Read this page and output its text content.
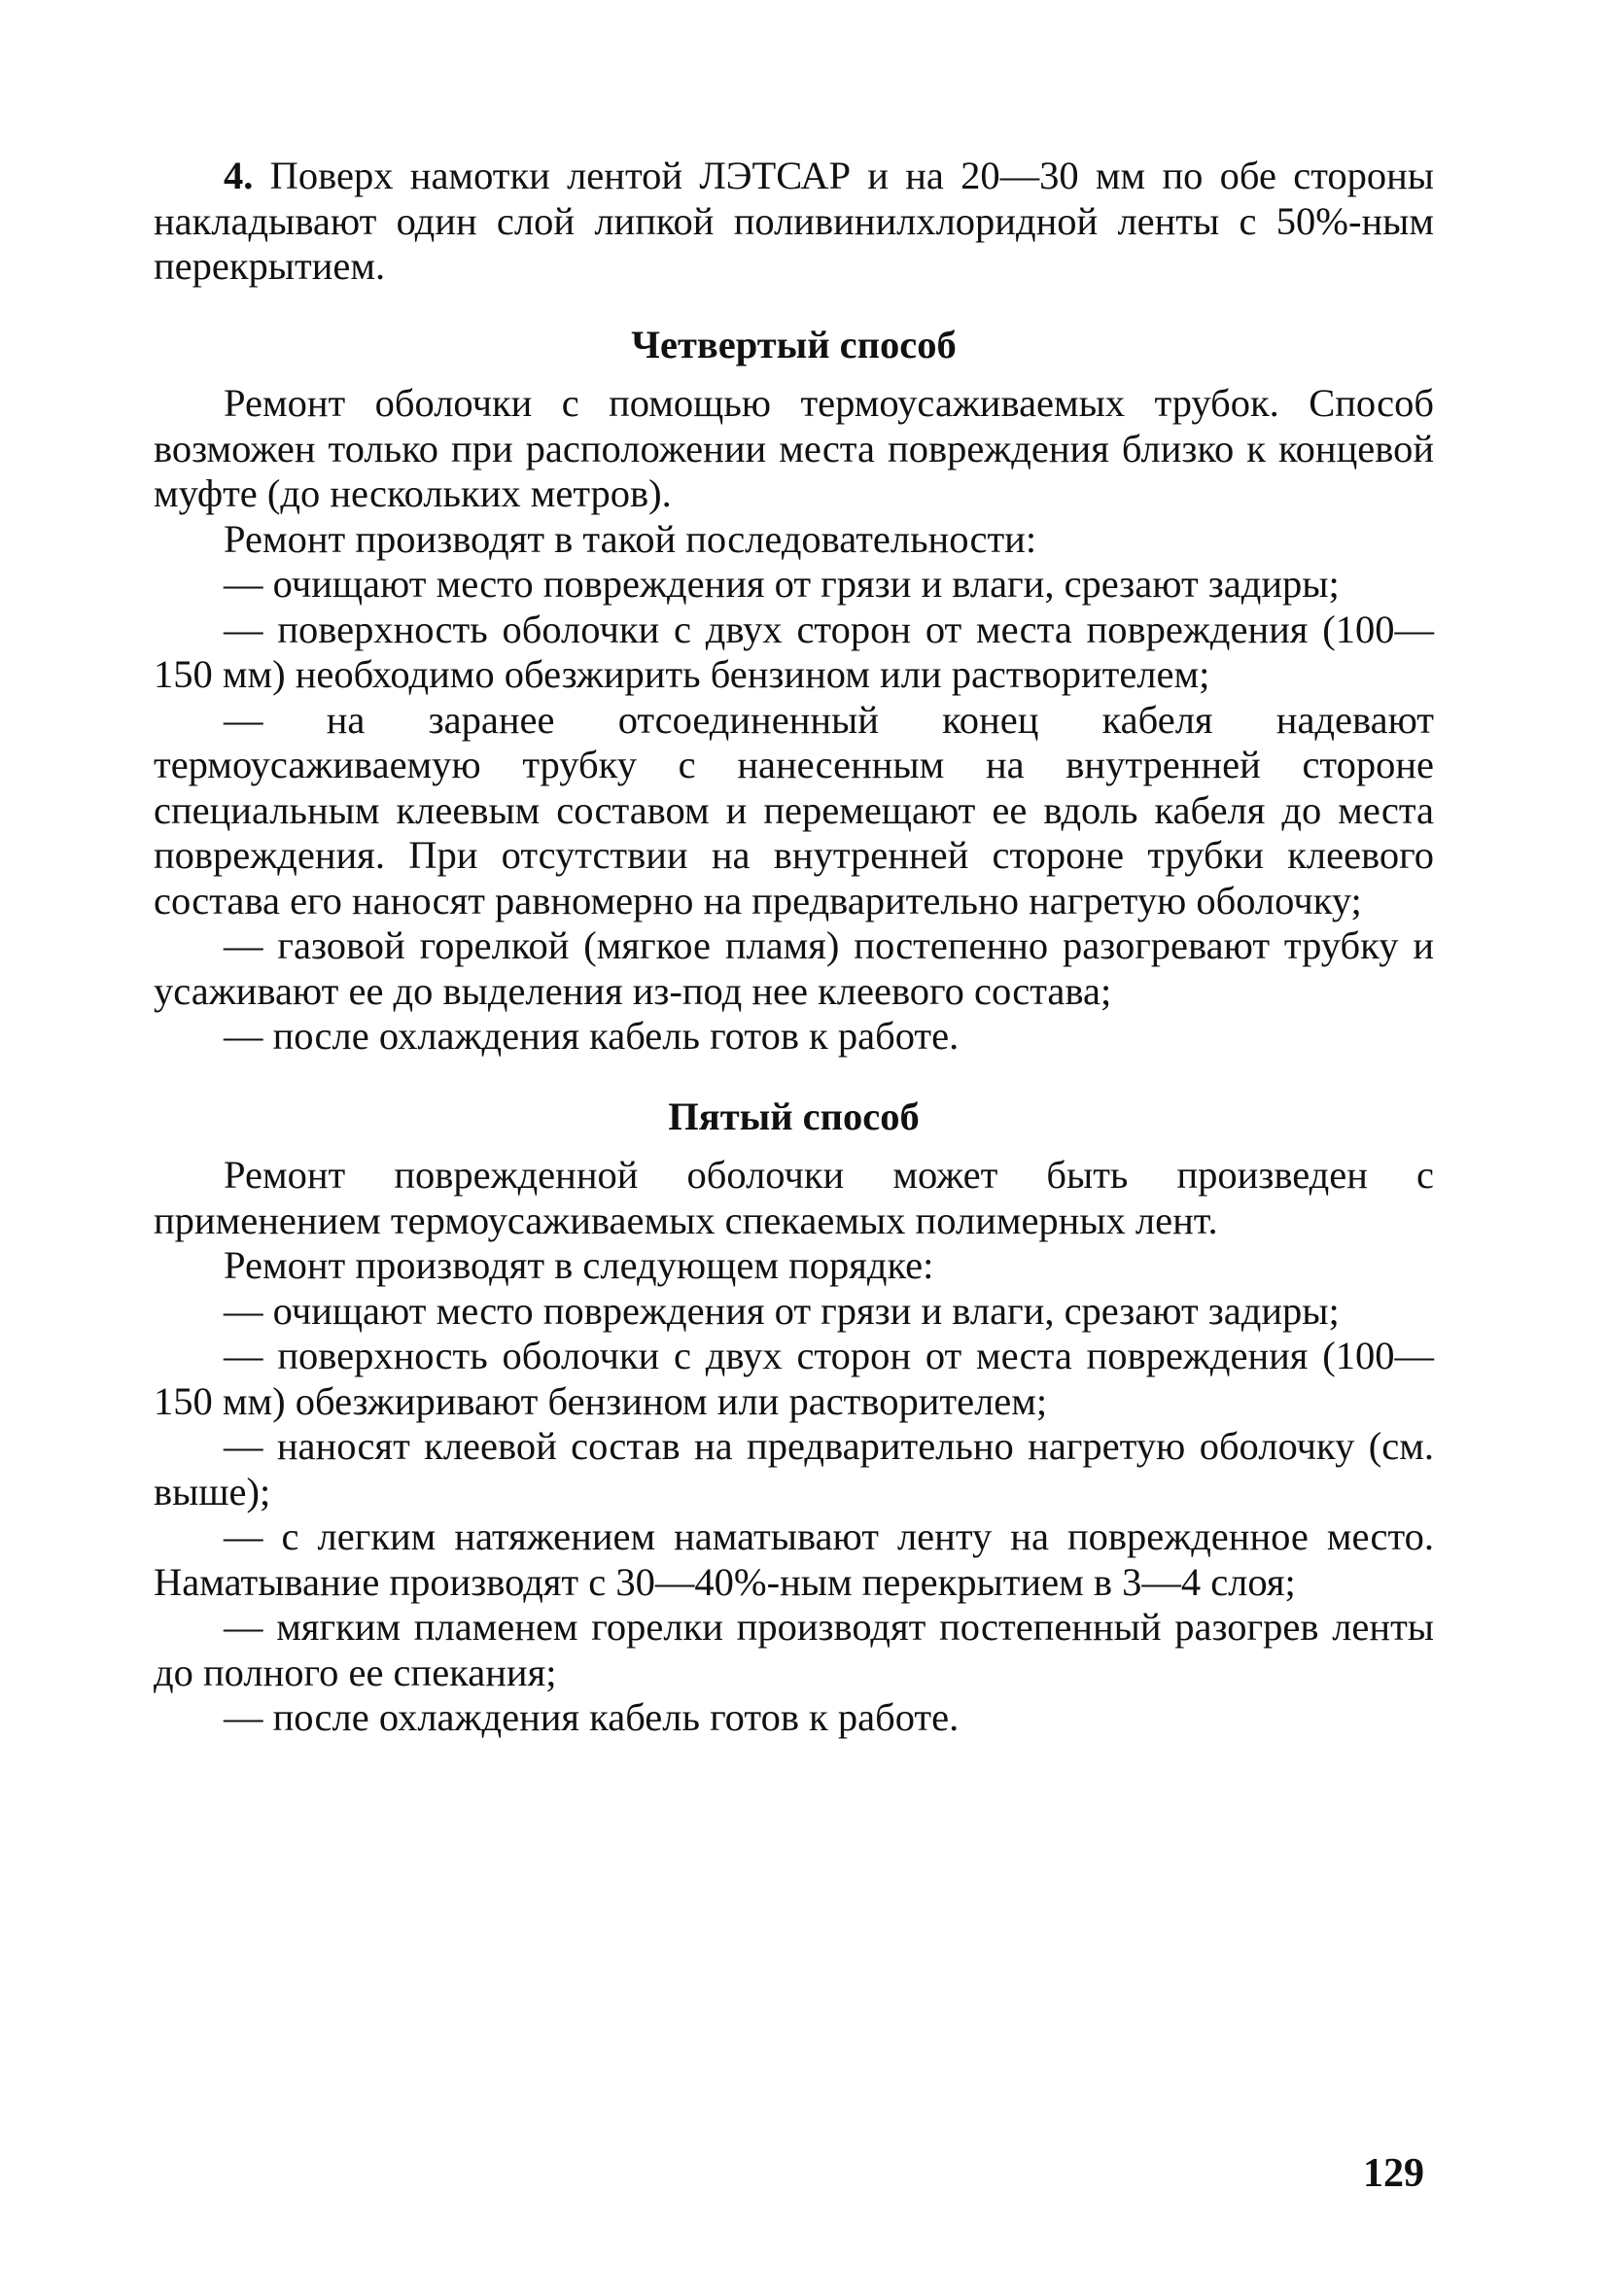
4. Поверх намотки лентой ЛЭТСАР и на 20—30 мм по обе стороны накладывают один слой липкой поливинилхлоридной ленты с 50%-ным перекрытием.

Четвертый способ

Ремонт оболочки с помощью термоусаживаемых трубок. Способ возможен только при расположении места повреждения близко к концевой муфте (до нескольких метров).

Ремонт производят в такой последовательности:

— очищают место повреждения от грязи и влаги, срезают задиры;

— поверхность оболочки с двух сторон от места повреждения (100—150 мм) необходимо обезжирить бензином или растворителем;

— на заранее отсоединенный конец кабеля надевают термоусаживаемую трубку с нанесенным на внутренней стороне специальным клеевым составом и перемещают ее вдоль кабеля до места повреждения. При отсутствии на внутренней стороне трубки клеевого состава его наносят равномерно на предварительно нагретую оболочку;

— газовой горелкой (мягкое пламя) постепенно разогревают трубку и усаживают ее до выделения из-под нее клеевого состава;

— после охлаждения кабель готов к работе.

Пятый способ

Ремонт поврежденной оболочки может быть произведен с применением термоусаживаемых спекаемых полимерных лент.

Ремонт производят в следующем порядке:

— очищают место повреждения от грязи и влаги, срезают задиры;

— поверхность оболочки с двух сторон от места повреждения (100—150 мм) обезжиривают бензином или растворителем;

— наносят клеевой состав на предварительно нагретую оболочку (см. выше);

— с легким натяжением наматывают ленту на поврежденное место. Наматывание производят с 30—40%-ным перекрытием в 3—4 слоя;

— мягким пламенем горелки производят постепенный разогрев ленты до полного ее спекания;

— после охлаждения кабель готов к работе.

129
